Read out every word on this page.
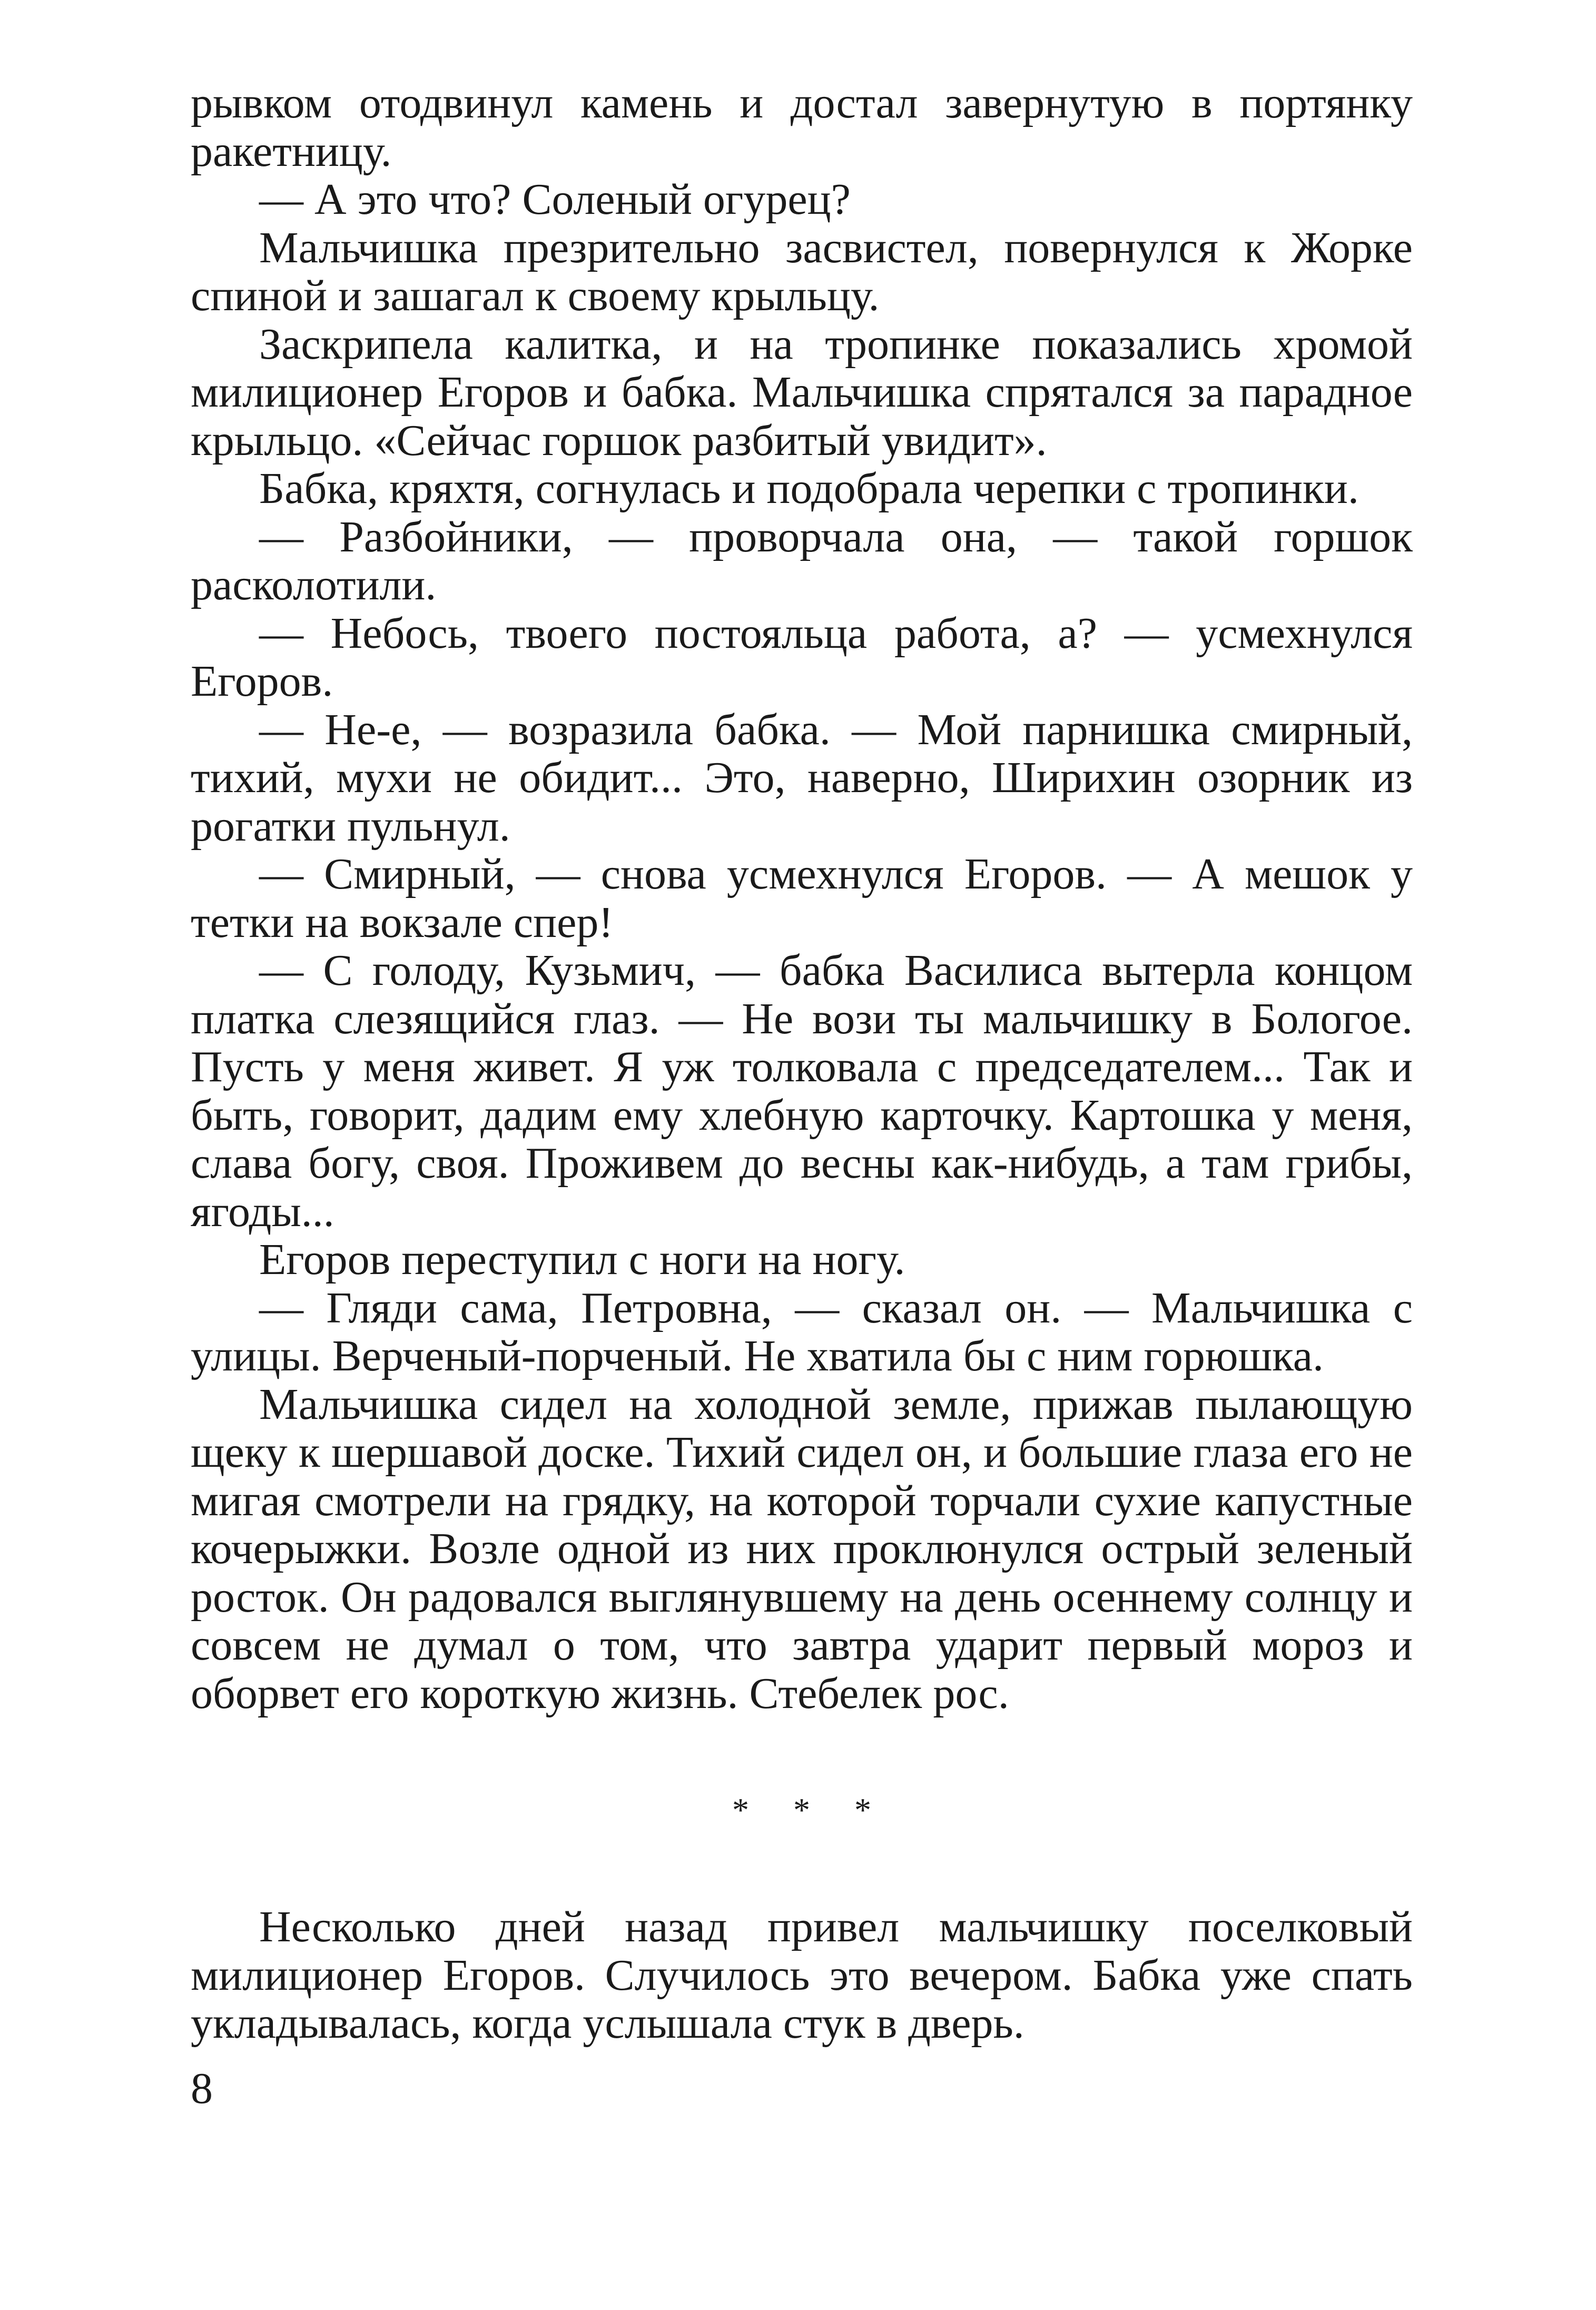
рывком отодвинул камень и достал завернутую в портянку ракетницу.

— А это что? Соленый огурец?

Мальчишка презрительно засвистел, повернулся к Жорке спиной и зашагал к своему крыльцу.

Заскрипела калитка, и на тропинке показались хромой милиционер Егоров и бабка. Мальчишка спрятался за парадное крыльцо. «Сейчас горшок разбитый увидит».

Бабка, кряхтя, согнулась и подобрала черепки с тропинки.

— Разбойники, — проворчала она, — такой горшок расколотили.

— Небось, твоего постояльца работа, а? — усмехнулся Егоров.

— Не-е, — возразила бабка. — Мой парнишка смирный, тихий, мухи не обидит... Это, наверно, Ширихин озорник из рогатки пульнул.

— Смирный, — снова усмехнулся Егоров. — А мешок у тетки на вокзале спер!

— С голоду, Кузьмич, — бабка Василиса вытерла концом платка слезящийся глаз. — Не вози ты мальчишку в Бологое. Пусть у меня живет. Я уж толковала с председателем... Так и быть, говорит, дадим ему хлебную карточку. Картошка у меня, слава богу, своя. Проживем до весны как-нибудь, а там грибы, ягоды...

Егоров переступил с ноги на ногу.

— Гляди сама, Петровна, — сказал он. — Мальчишка с улицы. Верченый-порченый. Не хватила бы с ним горюшка.

Мальчишка сидел на холодной земле, прижав пылающую щеку к шершавой доске. Тихий сидел он, и большие глаза его не мигая смотрели на грядку, на которой торчали сухие капустные кочерыжки. Возле одной из них проклюнулся острый зеленый росток. Он радовался выглянувшему на день осеннему солнцу и совсем не думал о том, что завтра ударит первый мороз и оборвет его короткую жизнь. Стебелек рос.

* * *

Несколько дней назад привел мальчишку поселковый милиционер Егоров. Случилось это вечером. Бабка уже спать укладывалась, когда услышала стук в дверь.

8
